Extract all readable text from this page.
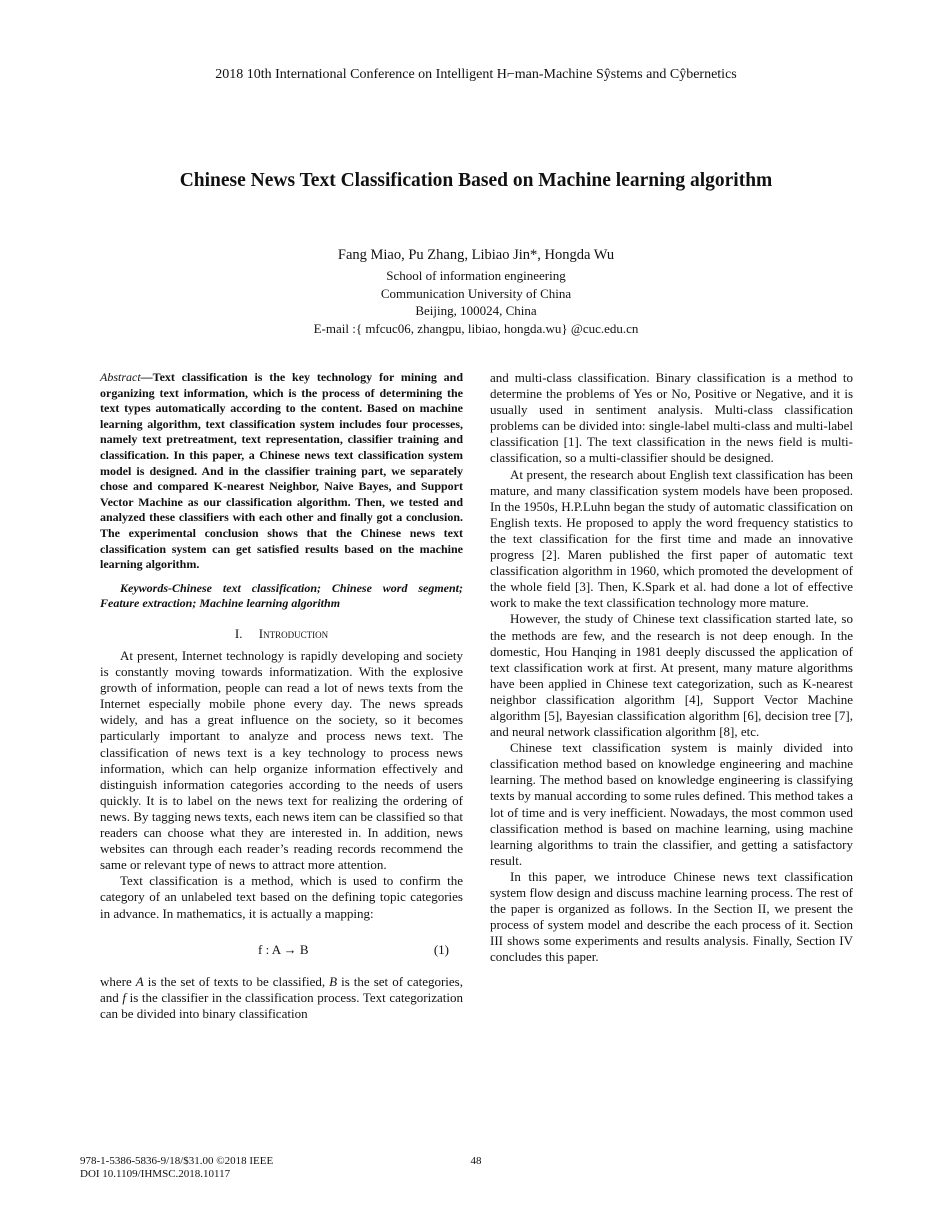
2018 10th International Conference on Intelligent H⌐man-Machine Sŷstems and Cŷbernetics
Chinese News Text Classification Based on Machine learning algorithm
Fang Miao, Pu Zhang, Libiao Jin*, Hongda Wu
School of information engineering
Communication University of China
Beijing, 100024, China
E-mail :{ mfcuc06, zhangpu, libiao, hongda.wu} @cuc.edu.cn

Abstract—Text classification is the key technology for mining and organizing text information, which is the process of determining the text types automatically according to the content. Based on machine learning algorithm, text classification system includes four processes, namely text pretreatment, text representation, classifier training and classification. In this paper, a Chinese news text classification system model is designed. And in the classifier training part, we separately chose and compared K-nearest Neighbor, Naive Bayes, and Support Vector Machine as our classification algorithm. Then, we tested and analyzed these classifiers with each other and finally got a conclusion. The experimental conclusion shows that the Chinese news text classification system can get satisfied results based on the machine learning algorithm.

Keywords-Chinese text classification; Chinese word segment; Feature extraction; Machine learning algorithm

I. Introduction

At present, Internet technology is rapidly developing and society is constantly moving towards informatization. With the explosive growth of information, people can read a lot of news texts from the Internet especially mobile phone every day. The news spreads widely, and has a great influence on the society, so it becomes particularly important to analyze and process news text. The classification of news text is a key technology to process news information, which can help organize information effectively and distinguish information categories according to the needs of users quickly. It is to label on the news text for realizing the ordering of news. By tagging news texts, each news item can be classified so that readers can choose what they are interested in. In addition, news websites can through each reader’s reading records recommend the same or relevant type of news to attract more attention.

Text classification is a method, which is used to confirm the category of an unlabeled text based on the defining topic categories in advance. In mathematics, it is actually a mapping:

f : A → B	(1)

where A is the set of texts to be classified, B is the set of categories, and f is the classifier in the classification process. Text categorization can be divided into binary classification

and multi-class classification. Binary classification is a method to determine the problems of Yes or No, Positive or Negative, and it is usually used in sentiment analysis. Multi-class classification problems can be divided into: single-label multi-class and multi-label classification [1]. The text classification in the news field is multi-classification, so a multi-classifier should be designed.

At present, the research about English text classification has been mature, and many classification system models have been proposed. In the 1950s, H.P.Luhn began the study of automatic classification on English texts. He proposed to apply the word frequency statistics to the text classification for the first time and made an innovative progress [2]. Maren published the first paper of automatic text classification algorithm in 1960, which promoted the development of the whole field [3]. Then, K.Spark et al. had done a lot of effective work to make the text classification technology more mature.

However, the study of Chinese text classification started late, so the methods are few, and the research is not deep enough. In the domestic, Hou Hanqing in 1981 deeply discussed the application of text classification work at first. At present, many mature algorithms have been applied in Chinese text categorization, such as K-nearest neighbor classification algorithm [4], Support Vector Machine algorithm [5], Bayesian classification algorithm [6], decision tree [7], and neural network classification algorithm [8], etc.

Chinese text classification system is mainly divided into classification method based on knowledge engineering and machine learning. The method based on knowledge engineering is classifying texts by manual according to some rules defined. This method takes a lot of time and is very inefficient. Nowadays, the most common used classification method is based on machine learning, using machine learning algorithms to train the classifier, and getting a satisfactory result.

In this paper, we introduce Chinese news text classification system flow design and discuss machine learning process. The rest of the paper is organized as follows. In the Section II, we present the process of system model and describe the each process of it. Section III shows some experiments and results analysis. Finally, Section IV concludes this paper.

978-1-5386-5836-9/18/$31.00 ©2018 IEEE
DOI 10.1109/IHMSC.2018.10117
48
